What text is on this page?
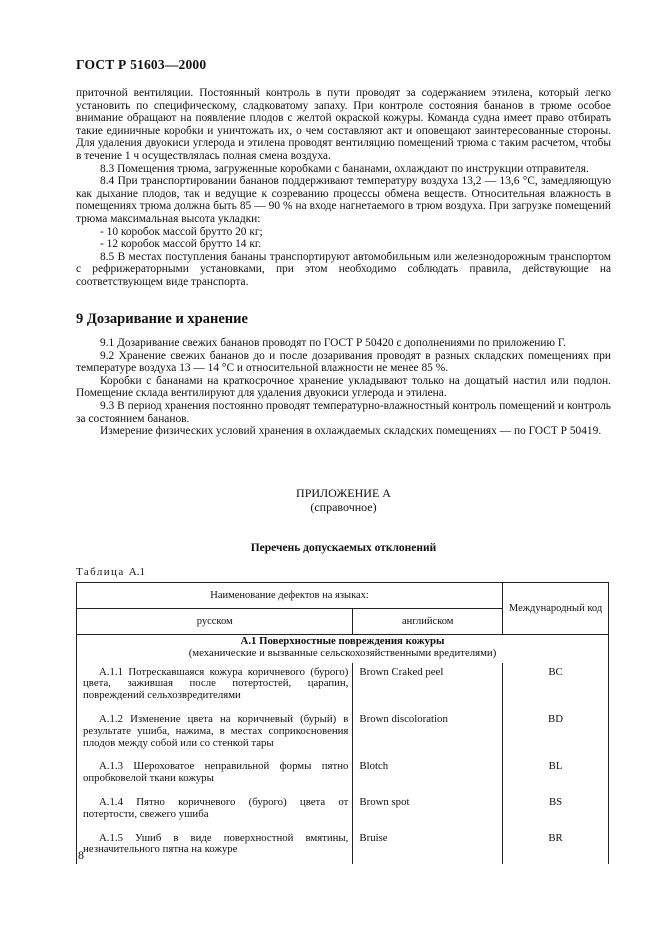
ГОСТ Р 51603—2000

приточной вентиляции. Постоянный контроль в пути проводят за содержанием этилена, который легко установить по специфическому, сладковатому запаху. При контроле состояния бананов в трюме особое внимание обращают на появление плодов с желтой окраской кожуры. Команда судна имеет право отбирать такие единичные коробки и уничтожать их, о чем составляют акт и оповещают заинтересованные стороны. Для удаления двуокиси углерода и этилена проводят вентиляцию помещений трюма с таким расчетом, чтобы в течение 1 ч осуществлялась полная смена воздуха.

8.3 Помещения трюма, загруженные коробками с бананами, охлаждают по инструкции отправителя.

8.4 При транспортировании бананов поддерживают температуру воздуха 13,2 — 13,6 °С, замедляющую как дыхание плодов, так и ведущие к созреванию процессы обмена веществ. Относительная влажность в помещениях трюма должна быть 85 — 90 % на входе нагнетаемого в трюм воздуха. При загрузке помещений трюма максимальная высота укладки:

- 10 коробок массой брутто 20 кг;

- 12 коробок массой брутто 14 кг.

8.5 В местах поступления бананы транспортируют автомобильным или железнодорожным транспортом с рефрижераторными установками, при этом необходимо соблюдать правила, действующие на соответствующем виде транспорта.

9 Дозаривание и хранение

9.1 Дозаривание свежих бананов проводят по ГОСТ Р 50420 с дополнениями по приложению Г.

9.2 Хранение свежих бананов до и после дозаривания проводят в разных складских помещениях при температуре воздуха 13 — 14 °С и относительной влажности не менее 85 %.

Коробки с бананами на краткосрочное хранение укладывают только на дощатый настил или подлон. Помещение склада вентилируют для удаления двуокиси углерода и этилена.

9.3 В период хранения постоянно проводят температурно-влажностный контроль помещений и контроль за состоянием бананов.

Измерение физических условий хранения в охлаждаемых складских помещениях — по ГОСТ Р 50419.

ПРИЛОЖЕНИЕ А
(справочное)
Перечень допускаемых отклонений
Таблица А.1
Наименование дефектов на языках:		Международный код
русском	английском	

А.1 Поверхностные повреждения кожуры
(механические и вызванные сельскохозяйственными вредителями)		

А.1.1 Потрескавшаяся кожура коричневого (бурого) цвета, зажившая после потертостей, царапин, повреждений сельхозвредителями	Brown Craked peel	BC
А.1.2 Изменение цвета на коричневый (бурый) в результате ушиба, нажима, в местах соприкосновения плодов между собой или со стенкой тары	Brown discoloration	BD
А.1.3 Шероховатое неправильной формы пятно опробковелой ткани кожуры	Blotch	BL
А.1.4 Пятно коричневого (бурого) цвета от потертости, свежего ушиба	Brown spot	BS
А.1.5 Ушиб в виде поверхностной вмятины, незначительного пятна на кожуре	Bruise	BR
8
